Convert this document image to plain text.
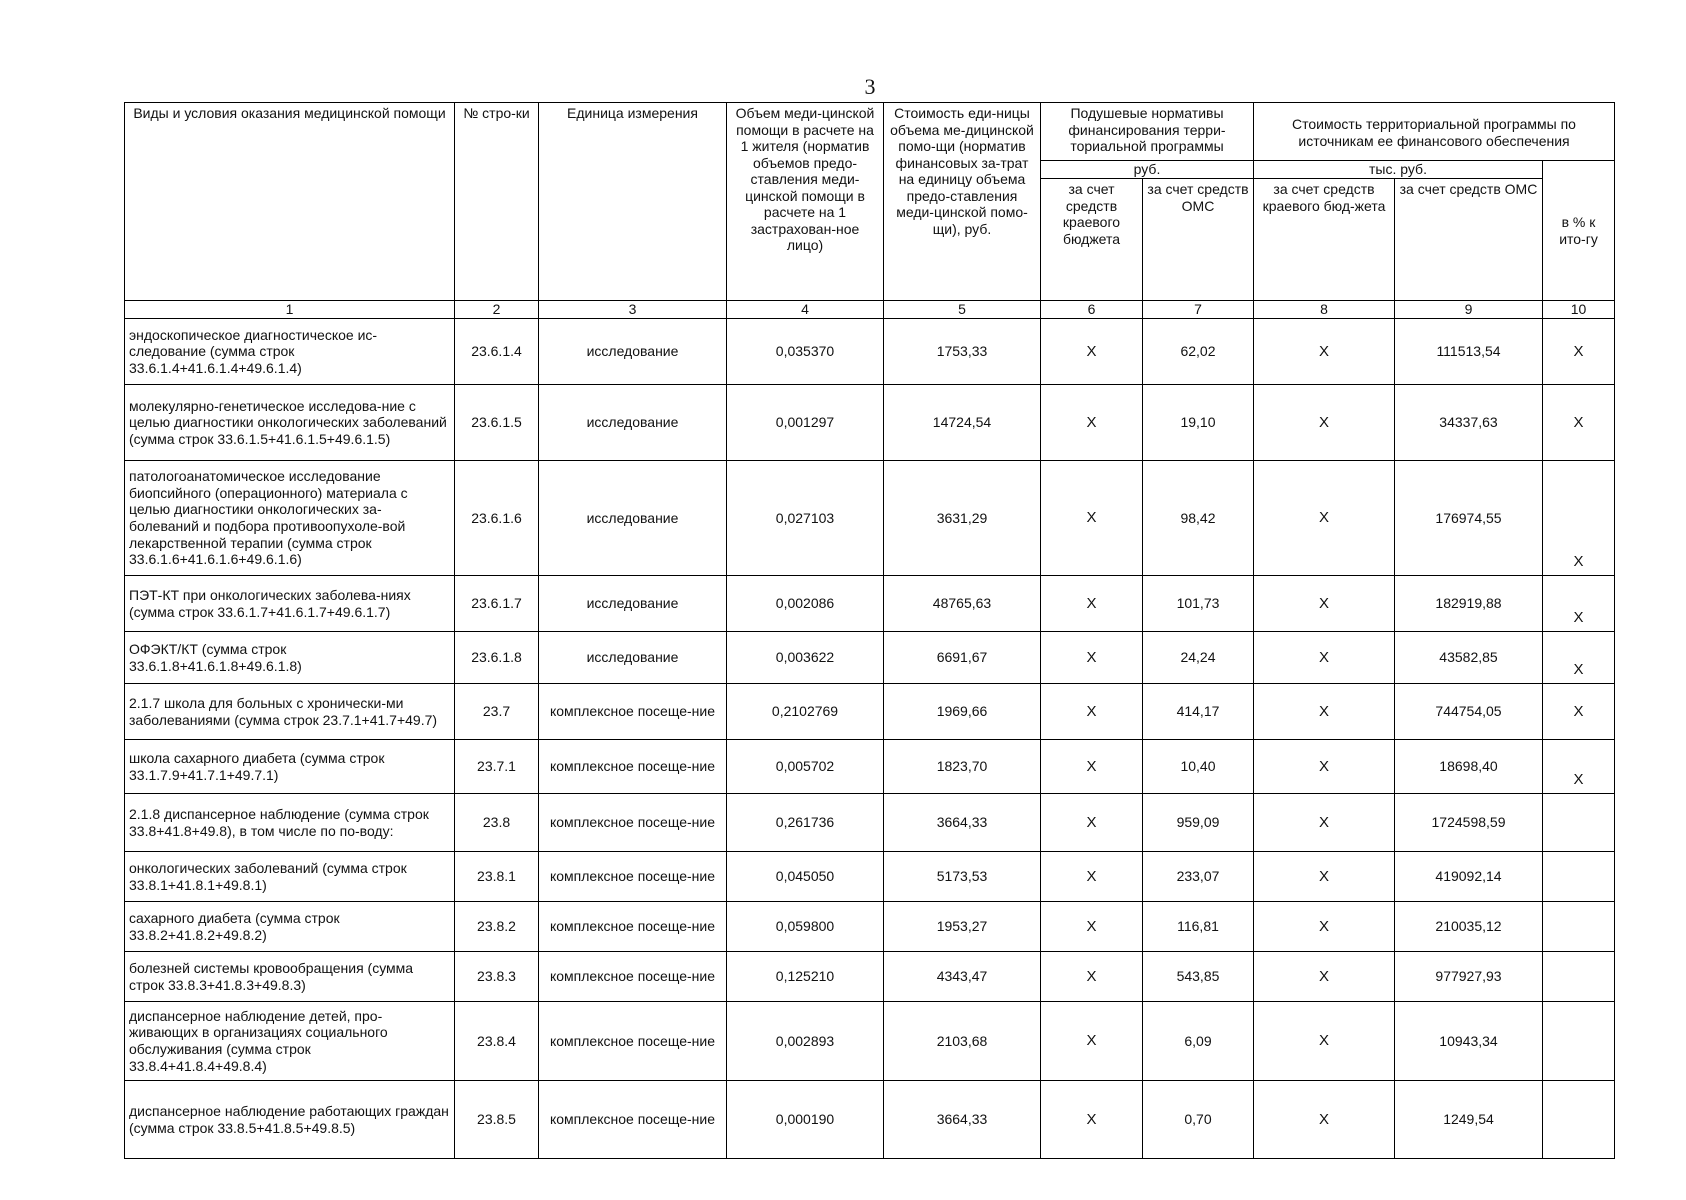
3
Виды и условия оказания медицинской помощи	№ стро-ки	Единица измерения	Объем меди-цинской помощи в расчете на 1 жителя (норматив объемов предо-ставления меди-цинской помощи в расчете на 1 застрахован-ное лицо)	Стоимость еди-ницы объема ме-дицинской помо-щи (норматив финансовых за-трат на единицу объема предо-ставления меди-цинской помо-щи), руб.	Подушевые нормативы финансирования терри-ториальной программы		Стоимость территориальной программы по источникам ее финансового обеспечения		
					руб.		тыс. руб.		в % к ито-гу
					за счет средств краевого бюджета	за счет средств ОМС	за счет средств краевого бюд-жета	за счет средств ОМС	
1	2	3	4	5	6	7	8	9	10
эндоскопическое диагностическое ис-следование (сумма строк 33.6.1.4+41.6.1.4+49.6.1.4)	23.6.1.4	исследование	0,035370	1753,33	Х	62,02	Х	111513,54	Х
молекулярно-генетическое исследова-ние с целью диагностики онкологических заболеваний (сумма строк 33.6.1.5+41.6.1.5+49.6.1.5)	23.6.1.5	исследование	0,001297	14724,54	Х	19,10	Х	34337,63	Х
патологоанатомическое исследование биопсийного (операционного) материала с целью диагностики онкологических за-болеваний и подбора противоопухоле-вой лекарственной терапии (сумма строк 33.6.1.6+41.6.1.6+49.6.1.6)	23.6.1.6	исследование	0,027103	3631,29	Х	98,42	Х	176974,55	Х
ПЭТ-КТ при онкологических заболева-ниях (сумма строк 33.6.1.7+41.6.1.7+49.6.1.7)	23.6.1.7	исследование	0,002086	48765,63	Х	101,73	Х	182919,88	Х
ОФЭКТ/КТ (сумма строк 33.6.1.8+41.6.1.8+49.6.1.8)	23.6.1.8	исследование	0,003622	6691,67	Х	24,24	Х	43582,85	Х
2.1.7 школа для больных с хронически-ми заболеваниями (сумма строк 23.7.1+41.7+49.7)	23.7	комплексное посеще-ние	0,2102769	1969,66	Х	414,17	Х	744754,05	Х
школа сахарного диабета (сумма строк 33.1.7.9+41.7.1+49.7.1)	23.7.1	комплексное посеще-ние	0,005702	1823,70	Х	10,40	Х	18698,40	Х
2.1.8 диспансерное наблюдение (сумма строк 33.8+41.8+49.8), в том числе по по-воду:	23.8	комплексное посеще-ние	0,261736	3664,33	Х	959,09	Х	1724598,59	
онкологических заболеваний (сумма строк 33.8.1+41.8.1+49.8.1)	23.8.1	комплексное посеще-ние	0,045050	5173,53	Х	233,07	Х	419092,14	
сахарного диабета (сумма строк 33.8.2+41.8.2+49.8.2)	23.8.2	комплексное посеще-ние	0,059800	1953,27	Х	116,81	Х	210035,12	
болезней системы кровообращения (сумма строк 33.8.3+41.8.3+49.8.3)	23.8.3	комплексное посеще-ние	0,125210	4343,47	Х	543,85	Х	977927,93	
диспансерное наблюдение детей, про-живающих в организациях социального обслуживания (сумма строк 33.8.4+41.8.4+49.8.4)	23.8.4	комплексное посеще-ние	0,002893	2103,68	Х	6,09	Х	10943,34	
диспансерное наблюдение работающих граждан (сумма строк 33.8.5+41.8.5+49.8.5)	23.8.5	комплексное посеще-ние	0,000190	3664,33	Х	0,70	Х	1249,54	
